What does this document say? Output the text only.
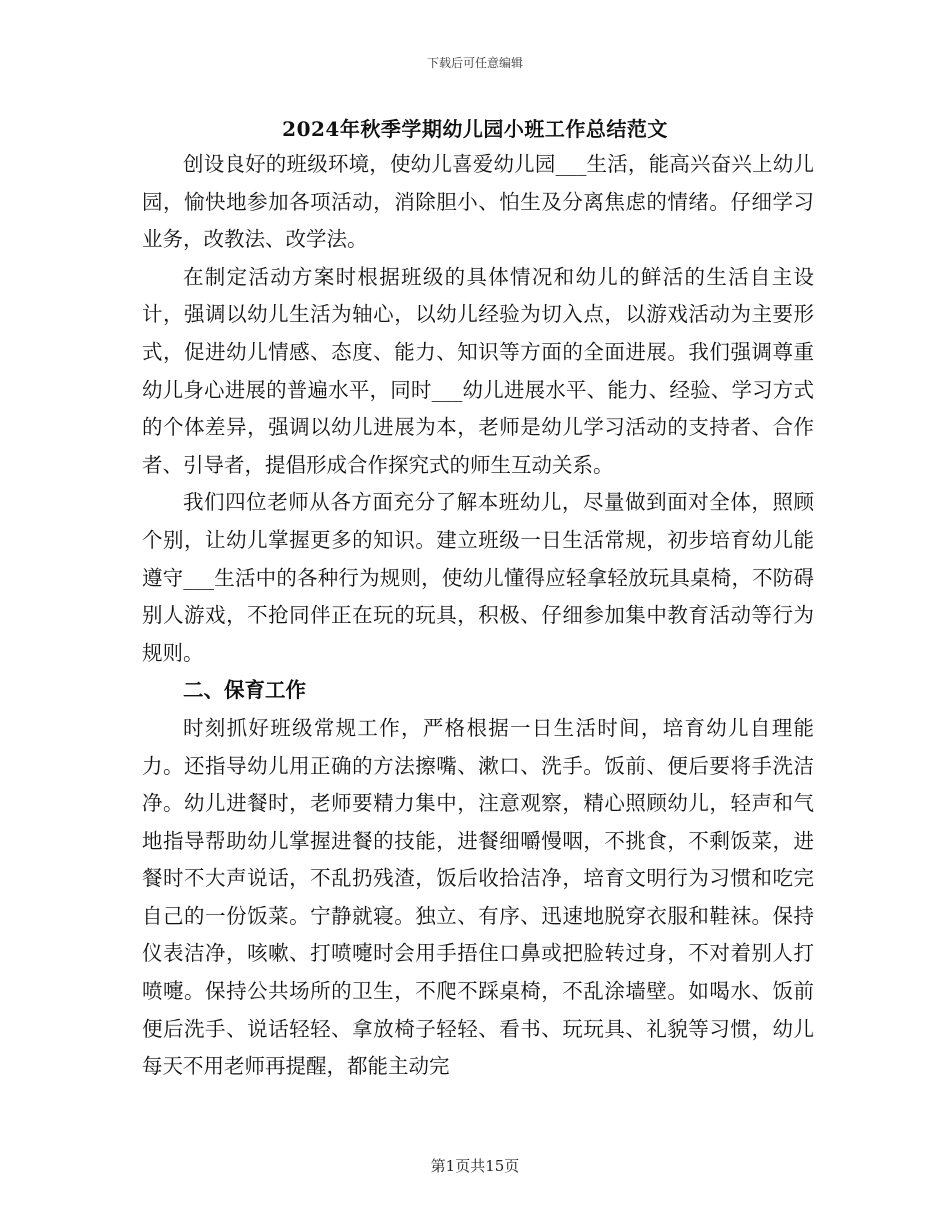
下载后可任意编辑
2024年秋季学期幼儿园小班工作总结范文

创设良好的班级环境，使幼儿喜爱幼儿园___生活，能高兴奋兴上幼儿园，愉快地参加各项活动，消除胆小、怕生及分离焦虑的情绪。仔细学习业务，改教法、改学法。

在制定活动方案时根据班级的具体情况和幼儿的鲜活的生活自主设计，强调以幼儿生活为轴心，以幼儿经验为切入点，以游戏活动为主要形式，促进幼儿情感、态度、能力、知识等方面的全面进展。我们强调尊重幼儿身心进展的普遍水平，同时___幼儿进展水平、能力、经验、学习方式的个体差异，强调以幼儿进展为本，老师是幼儿学习活动的支持者、合作者、引导者，提倡形成合作探究式的师生互动关系。

我们四位老师从各方面充分了解本班幼儿，尽量做到面对全体，照顾个别，让幼儿掌握更多的知识。建立班级一日生活常规，初步培育幼儿能遵守___生活中的各种行为规则，使幼儿懂得应轻拿轻放玩具桌椅，不防碍别人游戏，不抢同伴正在玩的玩具，积极、仔细参加集中教育活动等行为规则。

二、保育工作

时刻抓好班级常规工作，严格根据一日生活时间，培育幼儿自理能力。还指导幼儿用正确的方法擦嘴、漱口、洗手。饭前、便后要将手洗洁净。幼儿进餐时，老师要精力集中，注意观察，精心照顾幼儿，轻声和气地指导帮助幼儿掌握进餐的技能，进餐细嚼慢咽，不挑食，不剩饭菜，进餐时不大声说话，不乱扔残渣，饭后收拾洁净，培育文明行为习惯和吃完自己的一份饭菜。宁静就寝。独立、有序、迅速地脱穿衣服和鞋袜。保持仪表洁净，咳嗽、打喷嚏时会用手捂住口鼻或把脸转过身，不对着别人打喷嚏。保持公共场所的卫生，不爬不踩桌椅，不乱涂墙壁。如喝水、饭前便后洗手、说话轻轻、拿放椅子轻轻、看书、玩玩具、礼貌等习惯，幼儿每天不用老师再提醒，都能主动完

第1页共15页
